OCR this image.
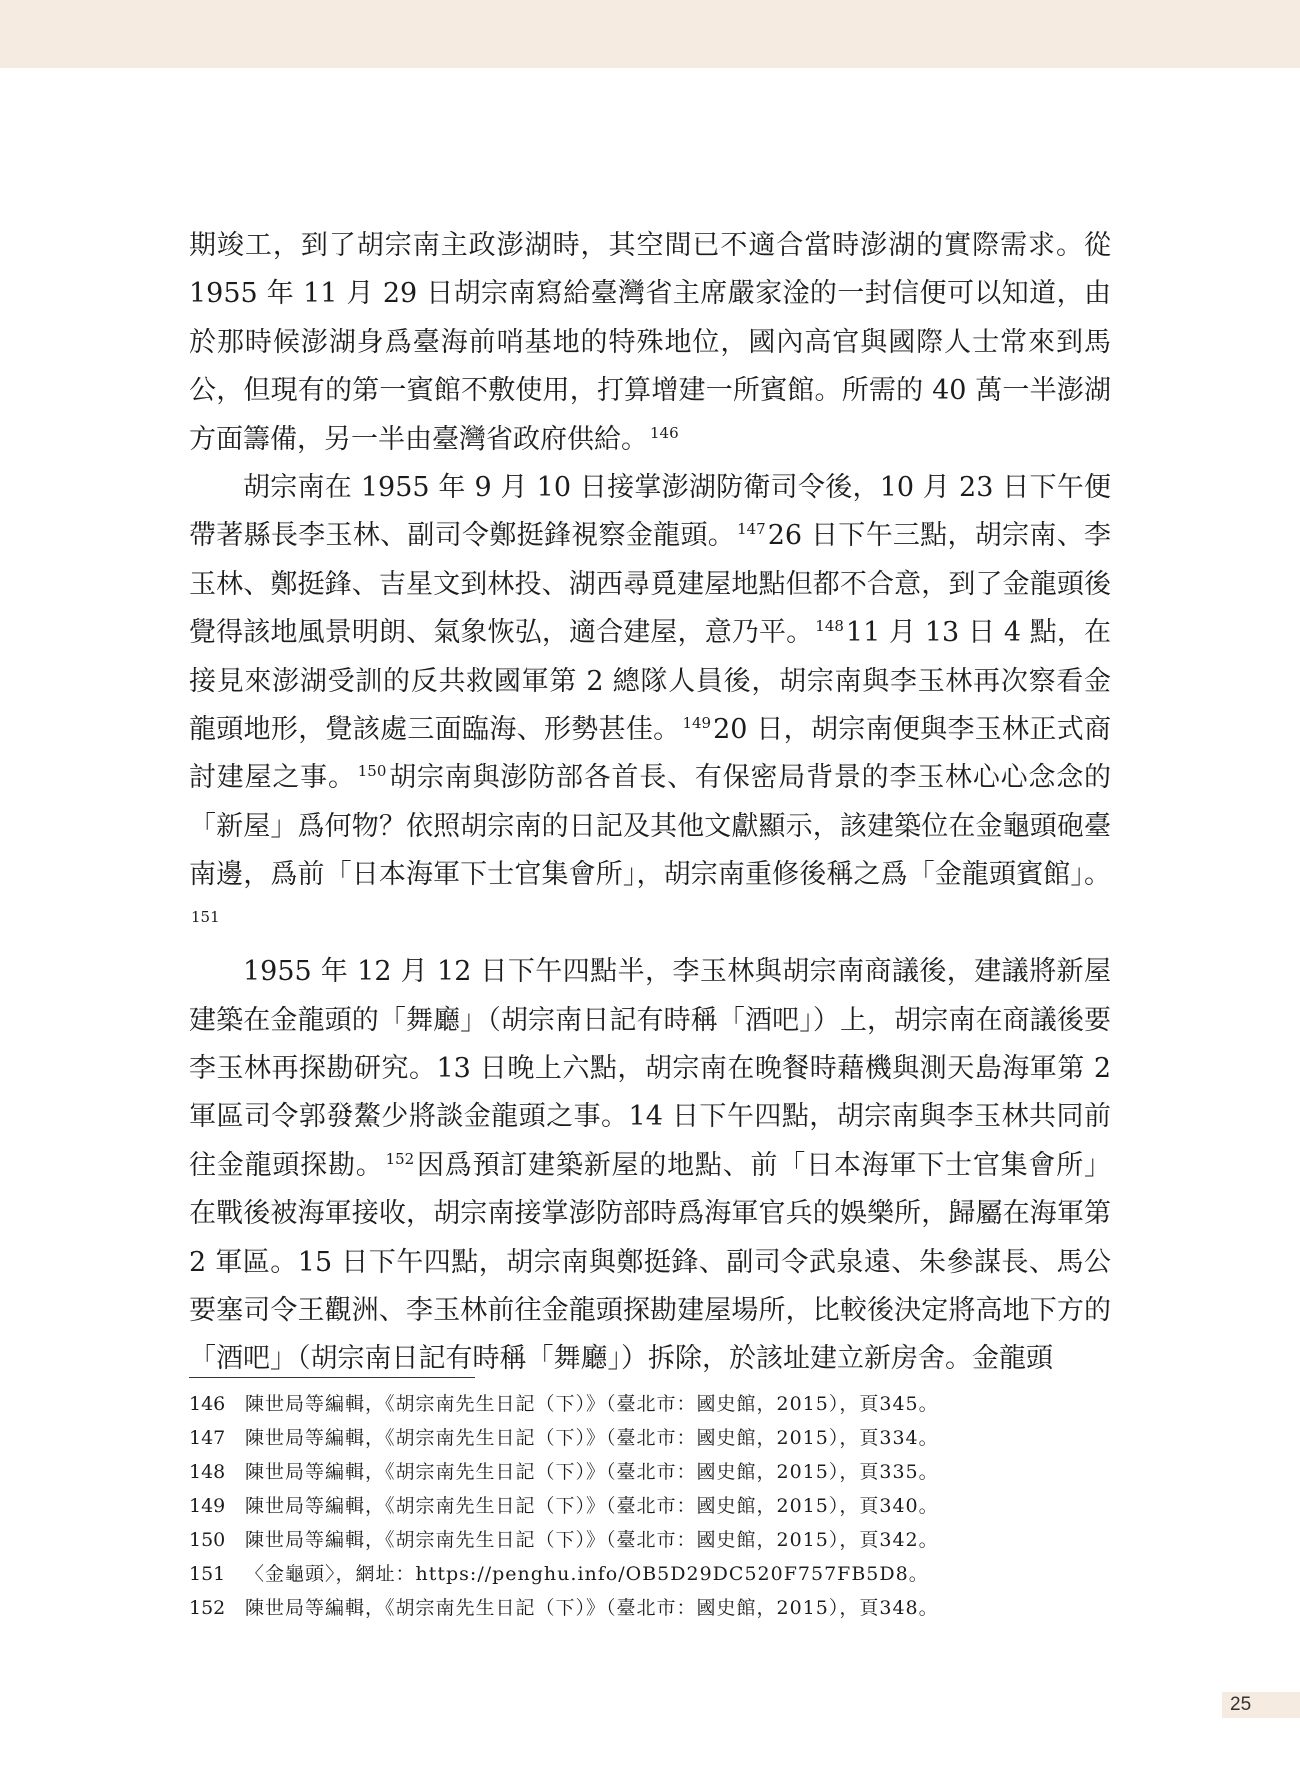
期竣工，到了胡宗南主政澎湖時，其空間已不適合當時澎湖的實際需求。從1955 年 11 月 29 日胡宗南寫給臺灣省主席嚴家淦的一封信便可以知道，由於那時候澎湖身爲臺海前哨基地的特殊地位，國內高官與國際人士常來到馬公，但現有的第一賓館不敷使用，打算增建一所賓館。所需的 40 萬一半澎湖方面籌備，另一半由臺灣省政府供給。 $^{146}$

胡宗南在 1955 年 9 月 10 日接掌澎湖防衛司令後，10 月 23 日下午便帶著縣長李玉林、副司令鄭挺鋒視察金龍頭。 $^{147}$26 日下午三點，胡宗南、李玉林、鄭挺鋒、吉星文到林投、湖西尋覓建屋地點但都不合意，到了金龍頭後覺得該地風景明朗、氣象恢弘，適合建屋，意乃平。 $^{148}$11 月 13 日 4 點，在接見來澎湖受訓的反共救國軍第 2 總隊人員後，胡宗南與李玉林再次察看金龍頭地形，覺該處三面臨海、形勢甚佳。 $^{149}$20 日，胡宗南便與李玉林正式商討建屋之事。 $^{150}$胡宗南與澎防部各首長、有保密局背景的李玉林心心念念的「新屋」爲何物？依照胡宗南的日記及其他文獻顯示，該建築位在金龜頭砲臺南邊，爲前「日本海軍下士官集會所」，胡宗南重修後稱之爲「金龍頭賓館」。$^{151}$

1955 年 12 月 12 日下午四點半，李玉林與胡宗南商議後，建議將新屋建築在金龍頭的「舞廳」（胡宗南日記有時稱「酒吧」）上，胡宗南在商議後要李玉林再探勘研究。13 日晚上六點，胡宗南在晚餐時藉機與測天島海軍第 2 軍區司令郭發鰲少將談金龍頭之事。14 日下午四點，胡宗南與李玉林共同前往金龍頭探勘。 $^{152}$因爲預訂建築新屋的地點、前「日本海軍下士官集會所」在戰後被海軍接收，胡宗南接掌澎防部時爲海軍官兵的娛樂所，歸屬在海軍第 2 軍區。15 日下午四點，胡宗南與鄭挺鋒、副司令武泉遠、朱參謀長、馬公要塞司令王觀洲、李玉林前往金龍頭探勘建屋場所，比較後決定將高地下方的「酒吧」（胡宗南日記有時稱「舞廳」）拆除，於該址建立新房舍。金龍頭

146	陳世局等編輯，《胡宗南先生日記（下）》（臺北市：國史館，2015），頁345。
147	陳世局等編輯，《胡宗南先生日記（下）》（臺北市：國史館，2015），頁334。
148	陳世局等編輯，《胡宗南先生日記（下）》（臺北市：國史館，2015），頁335。
149	陳世局等編輯，《胡宗南先生日記（下）》（臺北市：國史館，2015），頁340。
150	陳世局等編輯，《胡宗南先生日記（下）》（臺北市：國史館，2015），頁342。
151	〈金龜頭〉，網址：https://penghu.info/OB5D29DC520F757FB5D8。
152	陳世局等編輯，《胡宗南先生日記（下）》（臺北市：國史館，2015），頁348。
25
